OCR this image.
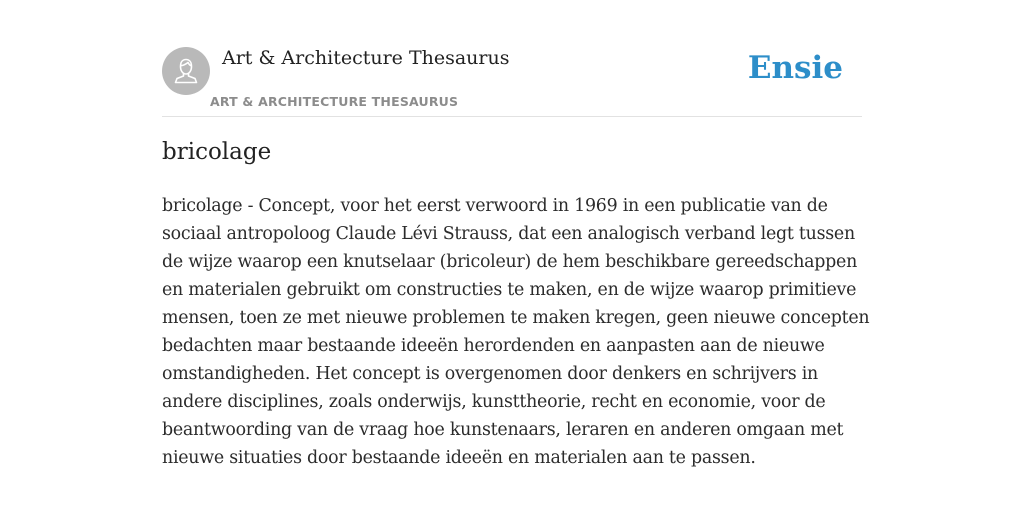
Art & Architecture Thesaurus
ART & ARCHITECTURE THESAURUS
Ensie
bricolage

bricolage - Concept, voor het eerst verwoord in 1969 in een publicatie van de sociaal antropoloog Claude Lévi Strauss, dat een analogisch verband legt tussen de wijze waarop een knutselaar (bricoleur) de hem beschikbare gereedschappen en materialen gebruikt om constructies te maken, en de wijze waarop primitieve mensen, toen ze met nieuwe problemen te maken kregen, geen nieuwe concepten bedachten maar bestaande ideeën herordenden en aanpasten aan de nieuwe omstandigheden. Het concept is overgenomen door denkers en schrijvers in andere disciplines, zoals onderwijs, kunsttheorie, recht en economie, voor de beantwoording van de vraag hoe kunstenaars, leraren en anderen omgaan met nieuwe situaties door bestaande ideeën en materialen aan te passen.
